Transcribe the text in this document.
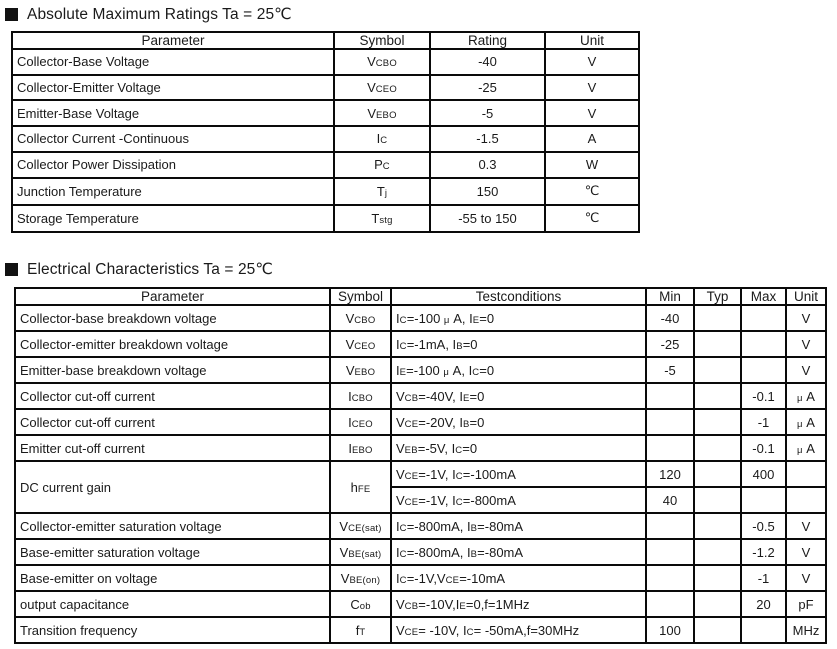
Absolute Maximum Ratings Ta = 25℃
Parameter	Symbol	Rating	Unit
Collector-Base Voltage	VCBO	-40	V
Collector-Emitter Voltage	VCEO	-25	V
Emitter-Base Voltage	VEBO	-5	V
Collector Current -Continuous	IC	-1.5	A
Collector Power Dissipation	PC	0.3	W
Junction Temperature	Tj	150	℃
Storage Temperature	Tstg	-55 to 150	℃
Electrical Characteristics Ta = 25℃
Parameter	Symbol	Testconditions	Min	Typ	Max	Unit
Collector-base breakdown voltage	VCBO	IC=-100 μ A, IE=0	-40			V
Collector-emitter breakdown voltage	VCEO	IC=-1mA, IB=0	-25			V
Emitter-base breakdown voltage	VEBO	IE=-100 μ A, IC=0	-5			V
Collector cut-off current	ICBO	VCB=-40V, IE=0			-0.1	μ A
Collector cut-off current	ICEO	VCE=-20V, IB=0			-1	μ A
Emitter cut-off current	IEBO	VEB=-5V, IC=0			-0.1	μ A
DC current gain	hFE	VCE=-1V, IC=-100mA	120		400	
		VCE=-1V, IC=-800mA	40			
Collector-emitter saturation voltage	VCE(sat)	IC=-800mA, IB=-80mA			-0.5	V
Base-emitter saturation voltage	VBE(sat)	IC=-800mA, IB=-80mA			-1.2	V
Base-emitter on voltage	VBE(on)	IC=-1V,VCE=-10mA			-1	V
output capacitance	Cob	VCB=-10V,IE=0,f=1MHz			20	pF
Transition frequency	fT	VCE= -10V, IC= -50mA,f=30MHz	100			MHz
